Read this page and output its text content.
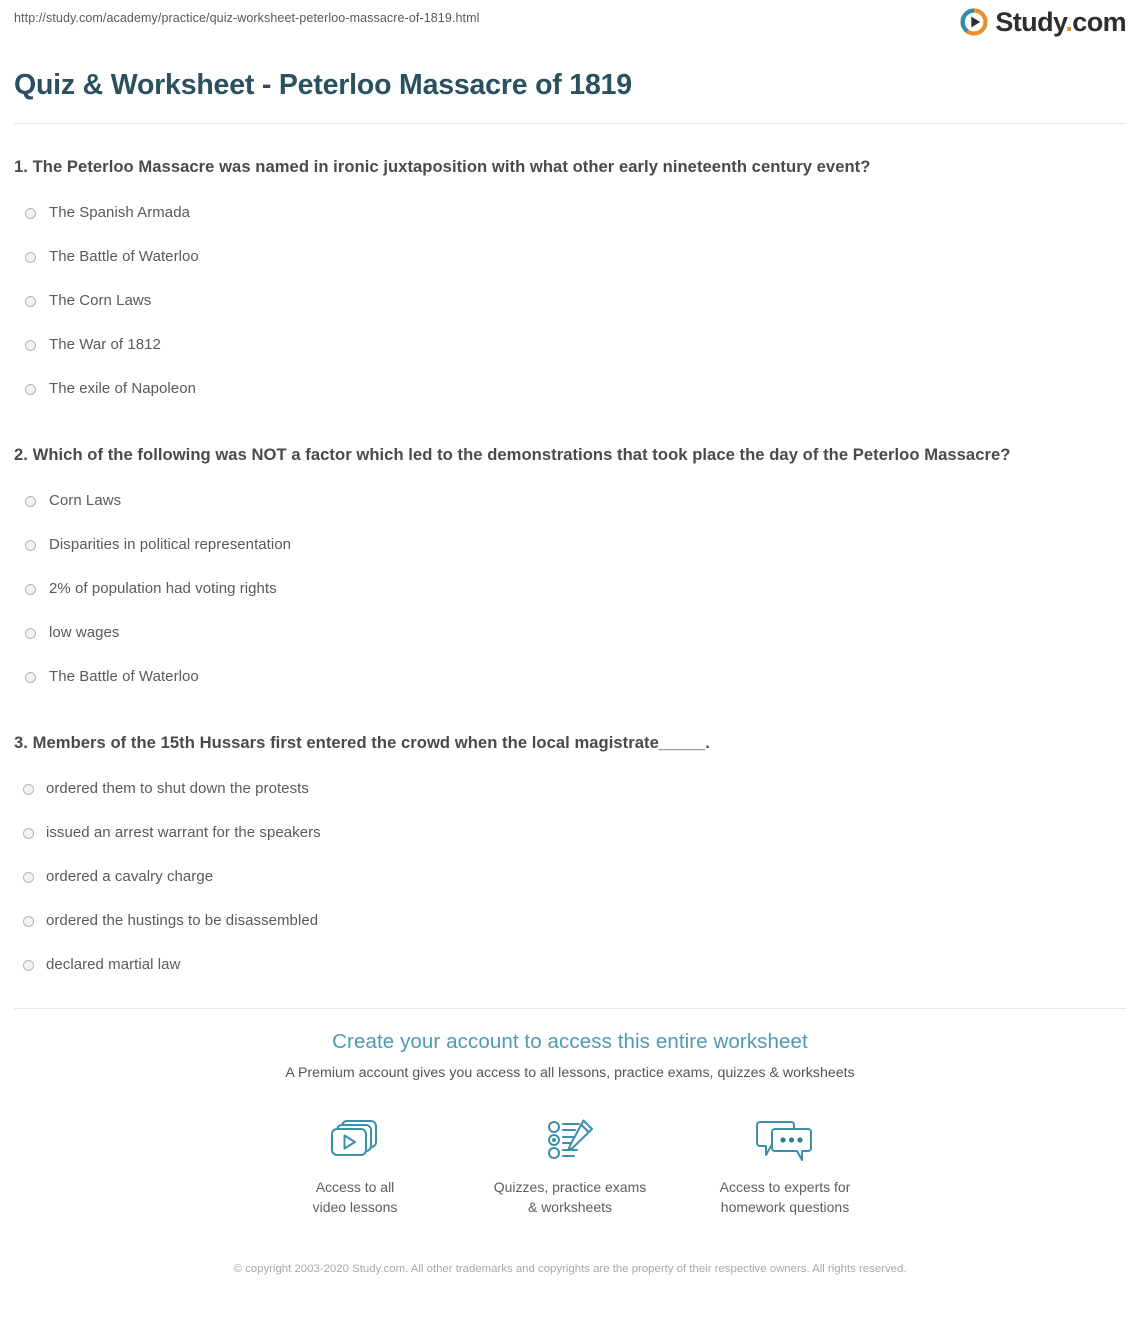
http://study.com/academy/practice/quiz-worksheet-peterloo-massacre-of-1819.html	Study.com
Quiz & Worksheet - Peterloo Massacre of 1819
1. The Peterloo Massacre was named in ironic juxtaposition with what other early nineteenth century event?
The Spanish Armada
The Battle of Waterloo
The Corn Laws
The War of 1812
The exile of Napoleon
2. Which of the following was NOT a factor which led to the demonstrations that took place the day of the Peterloo Massacre?
Corn Laws
Disparities in political representation
2% of population had voting rights
low wages
The Battle of Waterloo
3. Members of the 15th Hussars first entered the crowd when the local magistrate_____.
ordered them to shut down the protests
issued an arrest warrant for the speakers
ordered a cavalry charge
ordered the hustings to be disassembled
declared martial law
Create your account to access this entire worksheet
A Premium account gives you access to all lessons, practice exams, quizzes & worksheets
Access to all
video lessons
Quizzes, practice exams
& worksheets
Access to experts for
homework questions
© copyright 2003-2020 Study.com. All other trademarks and copyrights are the property of their respective owners. All rights reserved.
